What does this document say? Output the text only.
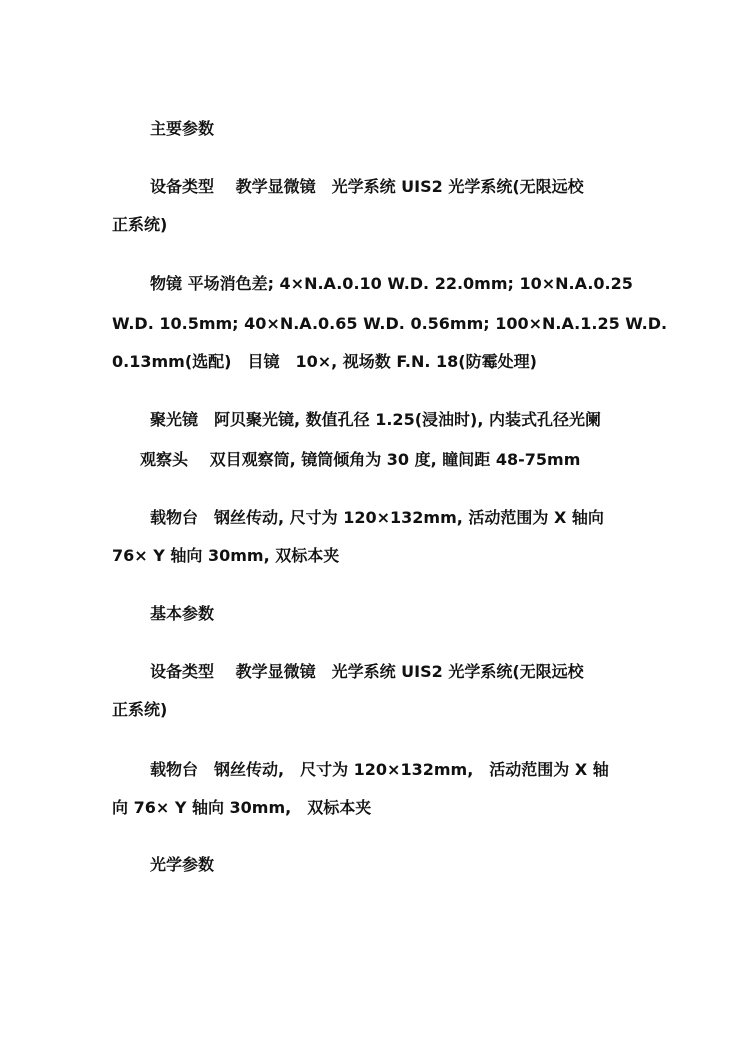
主要参数
设备类型　 教学显微镜　光学系统 UIS2 光学系统(无限远校
正系统)
物镜 平场消色差; 4×N.A.0.10 W.D. 22.0mm; 10×N.A.0.25
W.D. 10.5mm; 40×N.A.0.65 W.D. 0.56mm; 100×N.A.1.25 W.D.
0.13mm(选配)　目镜　10×, 视场数 F.N. 18(防霉处理)
聚光镜　阿贝聚光镜, 数值孔径 1.25(浸油时), 内装式孔径光阑
观察头　 双目观察筒, 镜筒倾角为 30 度, 瞳间距 48-75mm
载物台　钢丝传动, 尺寸为 120×132mm, 活动范围为 X 轴向
76× Y 轴向 30mm, 双标本夹
基本参数
设备类型　 教学显微镜　光学系统 UIS2 光学系统(无限远校
正系统)
载物台　钢丝传动,　尺寸为 120×132mm,　活动范围为 X 轴
向 76× Y 轴向 30mm,　双标本夹
光学参数
